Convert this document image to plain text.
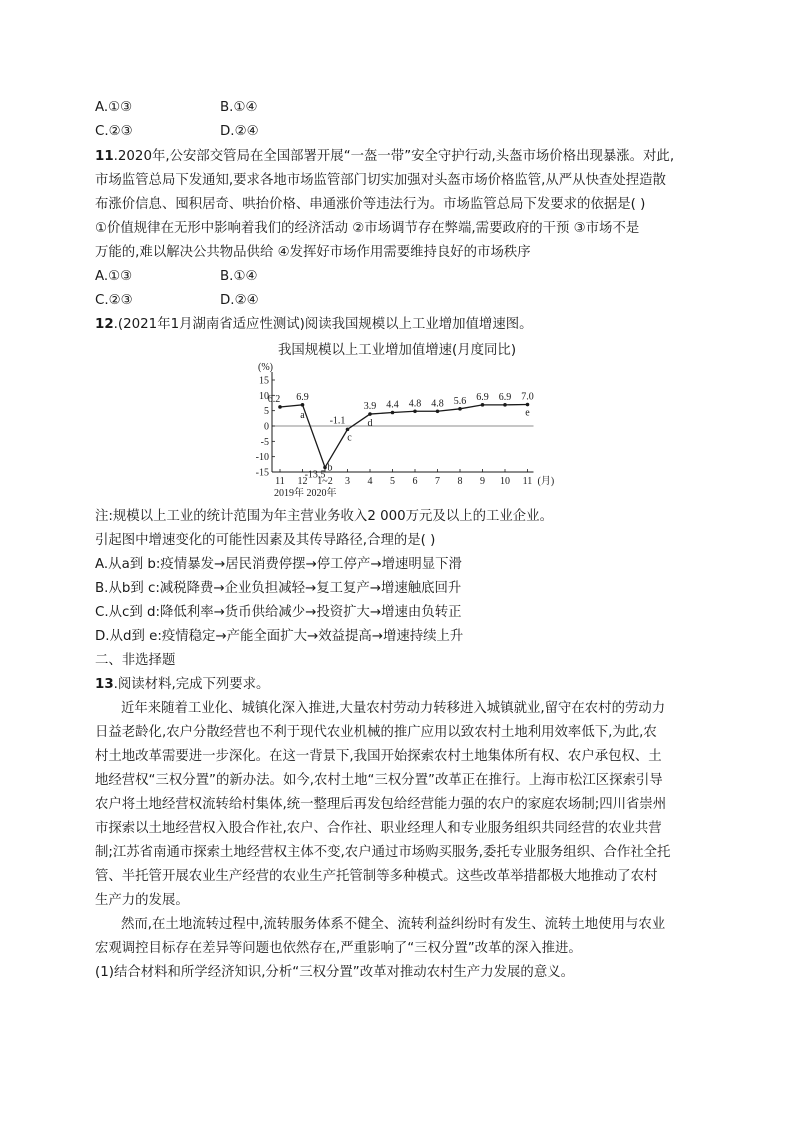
A.①③	B.①④
C.②③	D.②④
11.2020年,公安部交管局在全国部署开展“一盔一带”安全守护行动,头盔市场价格出现暴涨。对此,
市场监管总局下发通知,要求各地市场监管部门切实加强对头盔市场价格监管,从严从快查处捏造散
布涨价信息、囤积居奇、哄抬价格、串通涨价等违法行为。市场监管总局下发要求的依据是( )
①价值规律在无形中影响着我们的经济活动 ②市场调节存在弊端,需要政府的干预 ③市场不是
万能的,难以解决公共物品供给 ④发挥好市场作用需要维持良好的市场秩序
A.①③	B.①④
C.②③	D.②④
12.(2021年1月湖南省适应性测试)阅读我国规模以上工业增加值增速图。
我国规模以上工业增加值增速(月度同比)
15
10
5
0
-5
-10
-15
(%)
11 12 1~2 3 4 5 6 7 8 9 10 11 (月)
2019年 2020年
6.2 6.9
-13.5
-1.1
3.9 4.4 4.8 4.8 5.6 6.9 6.9 7.0
a
b
c
d
e
注:规模以上工业的统计范围为年主营业务收入2 000万元及以上的工业企业。
引起图中增速变化的可能性因素及其传导路径,合理的是( )
A.从a到 b:疫情暴发→居民消费停摆→停工停产→增速明显下滑
B.从b到 c:减税降费→企业负担减轻→复工复产→增速触底回升
C.从c到 d:降低利率→货币供给减少→投资扩大→增速由负转正
D.从d到 e:疫情稳定→产能全面扩大→效益提高→增速持续上升
二、非选择题
13.阅读材料,完成下列要求。
近年来随着工业化、城镇化深入推进,大量农村劳动力转移进入城镇就业,留守在农村的劳动力
日益老龄化,农户分散经营也不利于现代农业机械的推广应用以致农村土地利用效率低下,为此,农
村土地改革需要进一步深化。在这一背景下,我国开始探索农村土地集体所有权、农户承包权、土
地经营权“三权分置”的新办法。如今,农村土地“三权分置”改革正在推行。上海市松江区探索引导
农户将土地经营权流转给村集体,统一整理后再发包给经营能力强的农户的家庭农场制;四川省崇州
市探索以土地经营权入股合作社,农户、合作社、职业经理人和专业服务组织共同经营的农业共营
制;江苏省南通市探索土地经营权主体不变,农户通过市场购买服务,委托专业服务组织、合作社全托
管、半托管开展农业生产经营的农业生产托管制等多种模式。这些改革举措都极大地推动了农村
生产力的发展。
然而,在土地流转过程中,流转服务体系不健全、流转利益纠纷时有发生、流转土地使用与农业
宏观调控目标存在差异等问题也依然存在,严重影响了“三权分置”改革的深入推进。
(1)结合材料和所学经济知识,分析“三权分置”改革对推动农村生产力发展的意义。
